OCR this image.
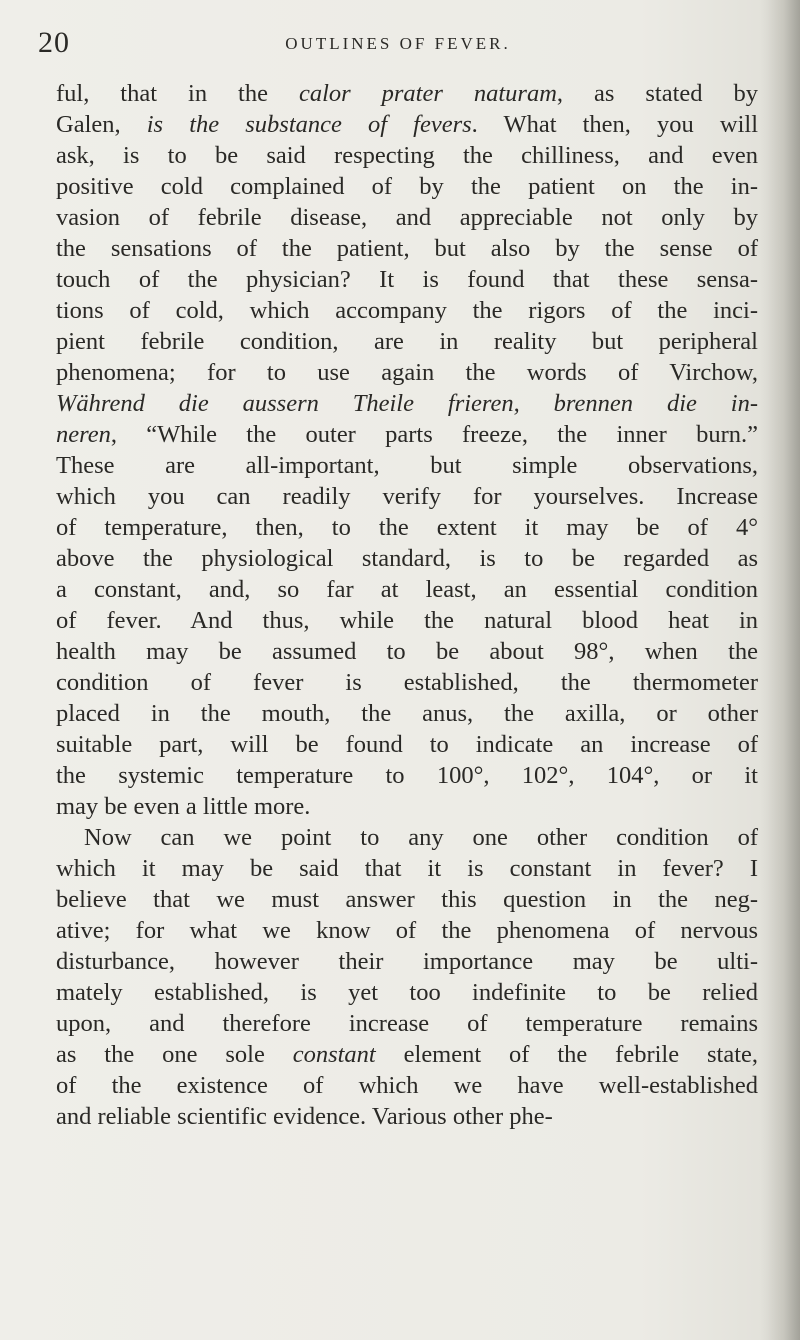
20	OUTLINES OF FEVER.
ful, that in the calor prater naturam, as stated by
Galen, is the substance of fevers. What then, you will
ask, is to be said respecting the chilliness, and even
positive cold complained of by the patient on the in-
vasion of febrile disease, and appreciable not only by
the sensations of the patient, but also by the sense of
touch of the physician? It is found that these sensa-
tions of cold, which accompany the rigors of the inci-
pient febrile condition, are in reality but peripheral
phenomena; for to use again the words of Virchow,
Während die aussern Theile frieren, brennen die in-
neren, “While the outer parts freeze, the inner burn.”
These are all-important, but simple observations,
which you can readily verify for yourselves. Increase
of temperature, then, to the extent it may be of 4°
above the physiological standard, is to be regarded as
a constant, and, so far at least, an essential condition
of fever. And thus, while the natural blood heat in
health may be assumed to be about 98°, when the
condition of fever is established, the thermometer
placed in the mouth, the anus, the axilla, or other
suitable part, will be found to indicate an increase of
the systemic temperature to 100°, 102°, 104°, or it
may be even a little more.
Now can we point to any one other condition of
which it may be said that it is constant in fever? I
believe that we must answer this question in the neg-
ative; for what we know of the phenomena of nervous
disturbance, however their importance may be ulti-
mately established, is yet too indefinite to be relied
upon, and therefore increase of temperature remains
as the one sole constant element of the febrile state,
of the existence of which we have well-established
and reliable scientific evidence. Various other phe-
